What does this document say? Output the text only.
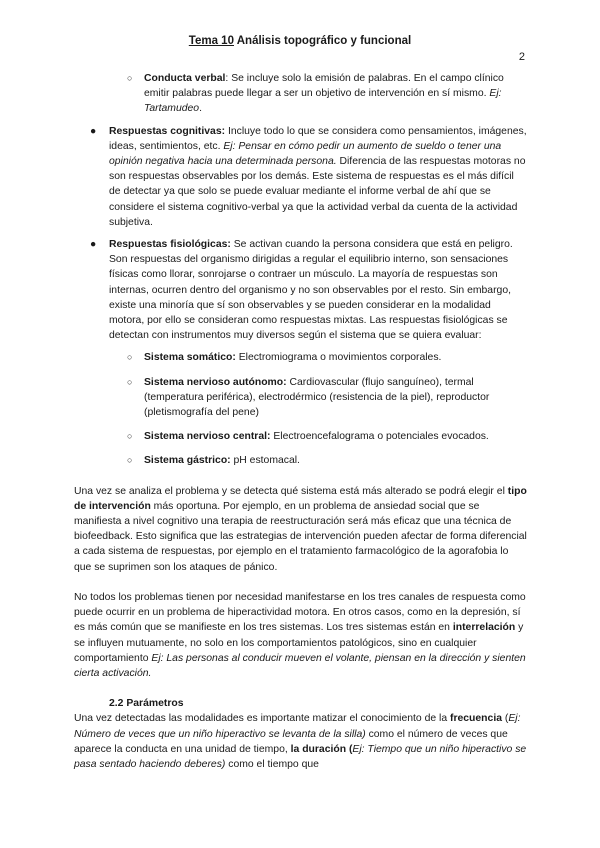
Tema 10 Análisis topográfico y funcional
2

○ Conducta verbal: Se incluye solo la emisión de palabras. En el campo clínico emitir palabras puede llegar a ser un objetivo de intervención en sí mismo. Ej: Tartamudeo.

● Respuestas cognitivas: Incluye todo lo que se considera como pensamientos, imágenes, ideas, sentimientos, etc. Ej: Pensar en cómo pedir un aumento de sueldo o tener una opinión negativa hacia una determinada persona. Diferencia de las respuestas motoras no son respuestas observables por los demás. Este sistema de respuestas es el más difícil de detectar ya que solo se puede evaluar mediante el informe verbal de ahí que se considere el sistema cognitivo-verbal ya que la actividad verbal da cuenta de la actividad subjetiva.

● Respuestas fisiológicas: Se activan cuando la persona considera que está en peligro. Son respuestas del organismo dirigidas a regular el equilibrio interno, son sensaciones físicas como llorar, sonrojarse o contraer un músculo. La mayoría de respuestas son internas, ocurren dentro del organismo y no son observables por el resto. Sin embargo, existe una minoría que sí son observables y se pueden considerar en la modalidad motora, por ello se consideran como respuestas mixtas. Las respuestas fisiológicas se detectan con instrumentos muy diversos según el sistema que se quiera evaluar:

○ Sistema somático: Electromiograma o movimientos corporales.

○ Sistema nervioso autónomo: Cardiovascular (flujo sanguíneo), termal (temperatura periférica), electrodérmico (resistencia de la piel), reproductor (pletismografía del pene)

○ Sistema nervioso central: Electroencefalograma o potenciales evocados.

○ Sistema gástrico: pH estomacal.

Una vez se analiza el problema y se detecta qué sistema está más alterado se podrá elegir el tipo de intervención más oportuna. Por ejemplo, en un problema de ansiedad social que se manifiesta a nivel cognitivo una terapia de reestructuración será más eficaz que una técnica de biofeedback. Esto significa que las estrategias de intervención pueden afectar de forma diferencial a cada sistema de respuestas, por ejemplo en el tratamiento farmacológico de la agorafobia lo que se suprimen son los ataques de pánico.

No todos los problemas tienen por necesidad manifestarse en los tres canales de respuesta como puede ocurrir en un problema de hiperactividad motora. En otros casos, como en la depresión, sí es más común que se manifieste en los tres sistemas. Los tres sistemas están en interrelación y se influyen mutuamente, no solo en los comportamientos patológicos, sino en cualquier comportamiento Ej: Las personas al conducir mueven el volante, piensan en la dirección y sienten cierta activación.

2.2 Parámetros

Una vez detectadas las modalidades es importante matizar el conocimiento de la frecuencia (Ej: Número de veces que un niño hiperactivo se levanta de la silla) como el número de veces que aparece la conducta en una unidad de tiempo, la duración (Ej: Tiempo que un niño hiperactivo se pasa sentado haciendo deberes) como el tiempo que
